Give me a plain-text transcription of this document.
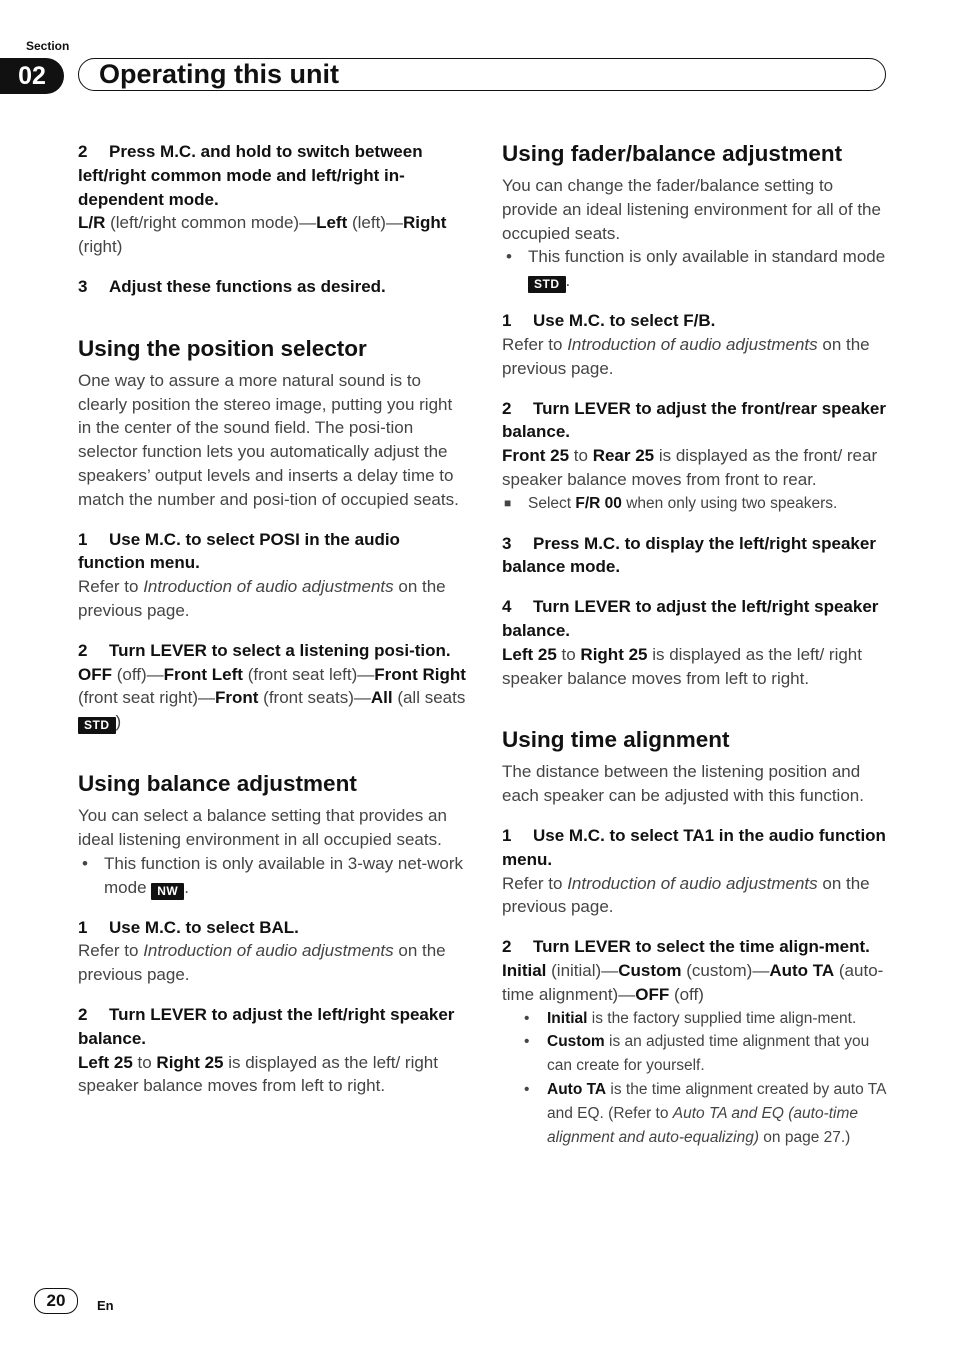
Section
02	Operating this unit

2 Press M.C. and hold to switch between left/right common mode and left/right in-dependent mode.

L/R (left/right common mode)—Left (left)—Right (right)

3 Adjust these functions as desired.

Using the position selector

One way to assure a more natural sound is to clearly position the stereo image, putting you right in the center of the sound field. The posi-tion selector function lets you automatically adjust the speakers’ output levels and inserts a delay time to match the number and posi-tion of occupied seats.

1 Use M.C. to select POSI in the audio function menu.

Refer to Introduction of audio adjustments on the previous page.

2 Turn LEVER to select a listening posi-tion.

OFF (off)—Front Left (front seat left)—Front Right (front seat right)—Front (front seats)—All (all seats STD )

Using balance adjustment

You can select a balance setting that provides an ideal listening environment in all occupied seats.

• This function is only available in 3-way net-work mode NW .

1 Use M.C. to select BAL.

Refer to Introduction of audio adjustments on the previous page.

2 Turn LEVER to adjust the left/right speaker balance.

Left 25 to Right 25 is displayed as the left/ right speaker balance moves from left to right.

Using fader/balance adjustment

You can change the fader/balance setting to provide an ideal listening environment for all of the occupied seats.

• This function is only available in standard mode STD .

1 Use M.C. to select F/B.

Refer to Introduction of audio adjustments on the previous page.

2 Turn LEVER to adjust the front/rear speaker balance.

Front 25 to Rear 25 is displayed as the front/ rear speaker balance moves from front to rear.

■ Select F/R 00 when only using two speakers.

3 Press M.C. to display the left/right speaker balance mode.

4 Turn LEVER to adjust the left/right speaker balance.

Left 25 to Right 25 is displayed as the left/ right speaker balance moves from left to right.

Using time alignment

The distance between the listening position and each speaker can be adjusted with this function.

1 Use M.C. to select TA1 in the audio function menu.

Refer to Introduction of audio adjustments on the previous page.

2 Turn LEVER to select the time align-ment.

Initial (initial)—Custom (custom)—Auto TA (auto-time alignment)—OFF (off)

• Initial is the factory supplied time align-ment.

• Custom is an adjusted time alignment that you can create for yourself.

• Auto TA is the time alignment created by auto TA and EQ. (Refer to Auto TA and EQ (auto-time alignment and auto-equalizing) on page 27.)

20	En
